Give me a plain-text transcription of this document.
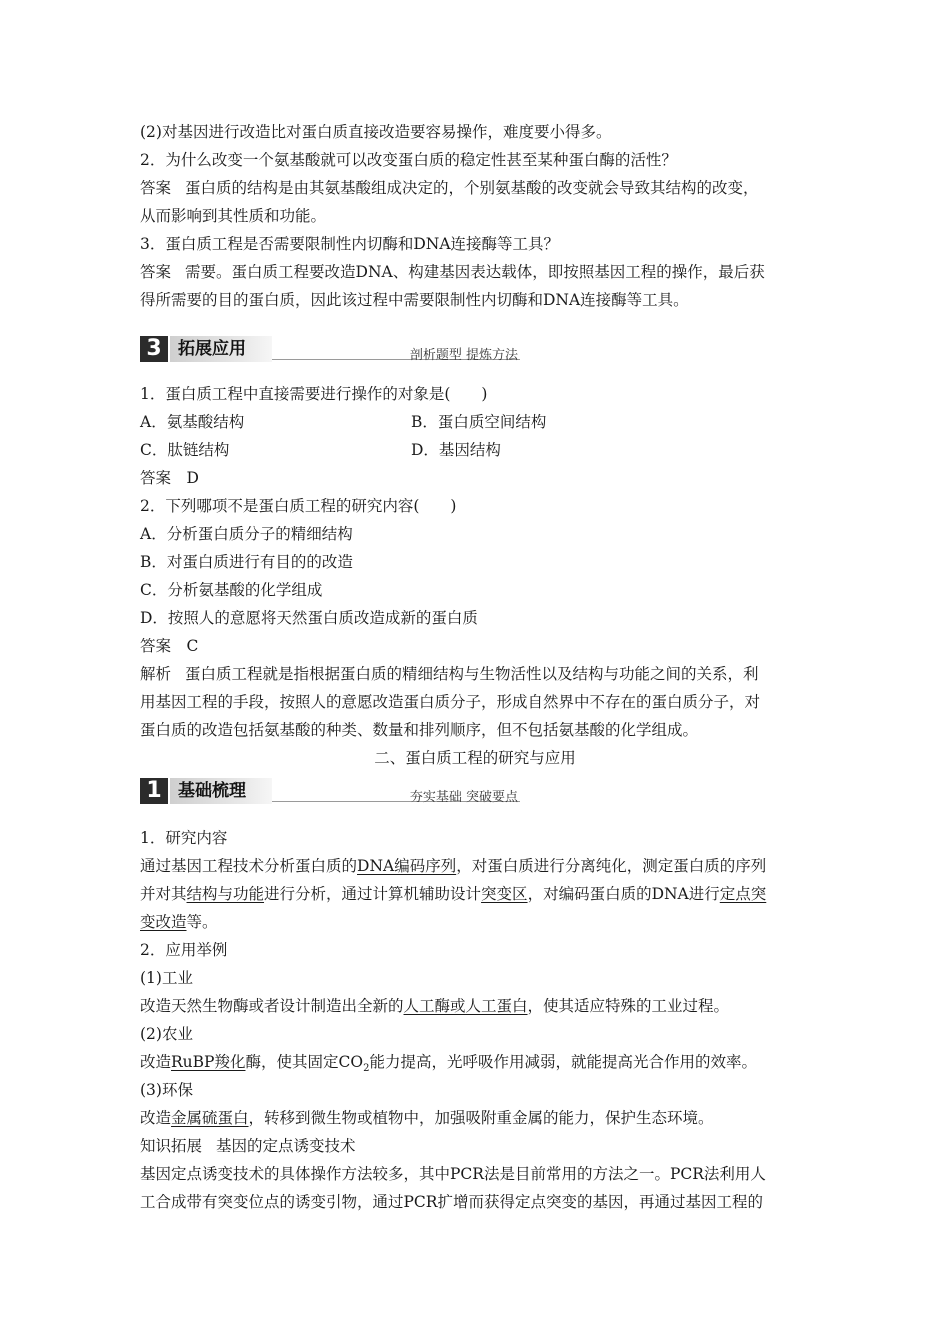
(2)对基因进行改造比对蛋白质直接改造要容易操作，难度要小得多。
2．为什么改变一个氨基酸就可以改变蛋白质的稳定性甚至某种蛋白酶的活性？
答案 蛋白质的结构是由其氨基酸组成决定的，个别氨基酸的改变就会导致其结构的改变，
从而影响到其性质和功能。
3．蛋白质工程是否需要限制性内切酶和DNA连接酶等工具？
答案 需要。蛋白质工程要改造DNA、构建基因表达载体，即按照基因工程的操作，最后获
得所需要的目的蛋白质，因此该过程中需要限制性内切酶和DNA连接酶等工具。
3 拓展应用	剖析题型 提炼方法
1．蛋白质工程中直接需要进行操作的对象是(　　)
A．氨基酸结构	B．蛋白质空间结构
C．肽链结构	D．基因结构
答案　D
2．下列哪项不是蛋白质工程的研究内容(　　)
A．分析蛋白质分子的精细结构
B．对蛋白质进行有目的的改造
C．分析氨基酸的化学组成
D．按照人的意愿将天然蛋白质改造成新的蛋白质
答案　C
解析 蛋白质工程就是指根据蛋白质的精细结构与生物活性以及结构与功能之间的关系，利
用基因工程的手段，按照人的意愿改造蛋白质分子，形成自然界中不存在的蛋白质分子，对
蛋白质的改造包括氨基酸的种类、数量和排列顺序，但不包括氨基酸的化学组成。
二、蛋白质工程的研究与应用
1 基础梳理	夯实基础 突破要点
1．研究内容
通过基因工程技术分析蛋白质的DNA编码序列，对蛋白质进行分离纯化，测定蛋白质的序列
并对其结构与功能进行分析，通过计算机辅助设计突变区，对编码蛋白质的DNA进行定点突
变改造等。
2．应用举例
(1)工业
改造天然生物酶或者设计制造出全新的人工酶或人工蛋白，使其适应特殊的工业过程。
(2)农业
改造RuBP羧化酶，使其固定$CO_2$能力提高，光呼吸作用减弱，就能提高光合作用的效率。
(3)环保
改造金属硫蛋白，转移到微生物或植物中，加强吸附重金属的能力，保护生态环境。
知识拓展 基因的定点诱变技术
基因定点诱变技术的具体操作方法较多，其中PCR法是目前常用的方法之一。PCR法利用人
工合成带有突变位点的诱变引物，通过PCR扩增而获得定点突变的基因，再通过基因工程的
